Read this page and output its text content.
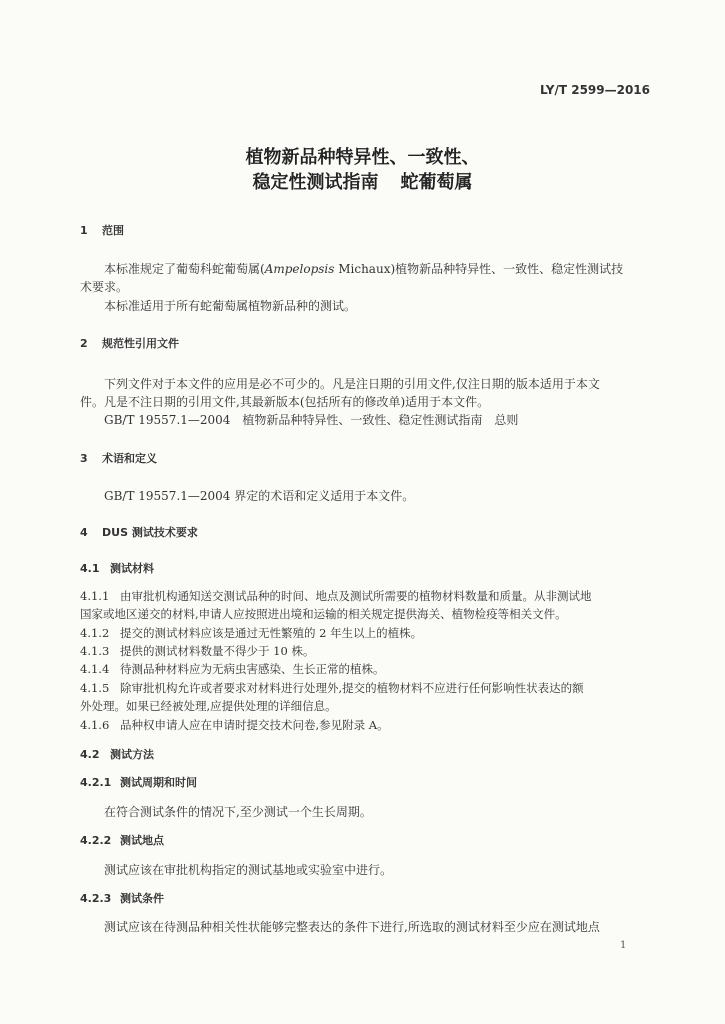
LY/T 2599—2016
植物新品种特异性、一致性、
稳定性测试指南 蛇葡萄属
1 范围
本标准规定了葡萄科蛇葡萄属(Ampelopsis Michaux)植物新品种特异性、一致性、稳定性测试技
术要求。
本标准适用于所有蛇葡萄属植物新品种的测试。
2 规范性引用文件
下列文件对于本文件的应用是必不可少的。凡是注日期的引用文件,仅注日期的版本适用于本文
件。凡是不注日期的引用文件,其最新版本(包括所有的修改单)适用于本文件。
GB/T 19557.1—2004　植物新品种特异性、一致性、稳定性测试指南　总则
3 术语和定义
GB/T 19557.1—2004 界定的术语和定义适用于本文件。
4 DUS 测试技术要求
4.1 测试材料
4.1.1 由审批机构通知送交测试品种的时间、地点及测试所需要的植物材料数量和质量。从非测试地
国家或地区递交的材料,申请人应按照进出境和运输的相关规定提供海关、植物检疫等相关文件。
4.1.2 提交的测试材料应该是通过无性繁殖的 2 年生以上的植株。
4.1.3 提供的测试材料数量不得少于 10 株。
4.1.4 待测品种材料应为无病虫害感染、生长正常的植株。
4.1.5 除审批机构允许或者要求对材料进行处理外,提交的植物材料不应进行任何影响性状表达的额
外处理。如果已经被处理,应提供处理的详细信息。
4.1.6 品种权申请人应在申请时提交技术问卷,参见附录 A。
4.2 测试方法
4.2.1 测试周期和时间
在符合测试条件的情况下,至少测试一个生长周期。
4.2.2 测试地点
测试应该在审批机构指定的测试基地或实验室中进行。
4.2.3 测试条件
测试应该在待测品种相关性状能够完整表达的条件下进行,所选取的测试材料至少应在测试地点
1
